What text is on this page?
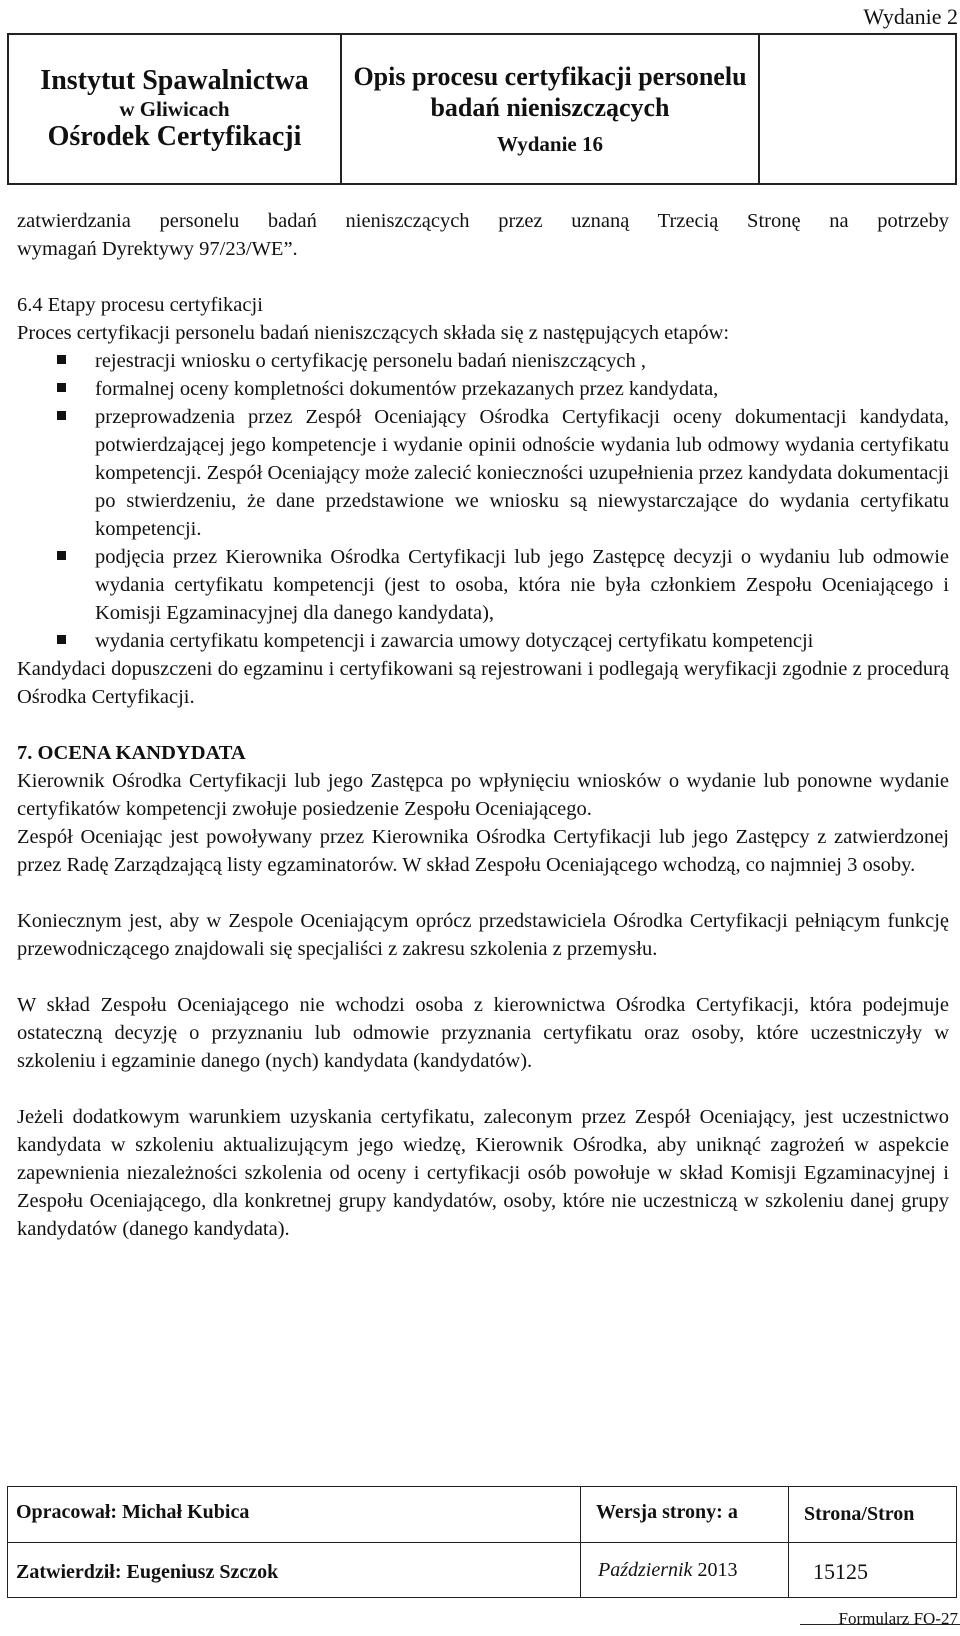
Wydanie 2
Instytut Spawalnictwa
w Gliwicach
Ośrodek Certyfikacji
Opis procesu certyfikacji personelu
badań nieniszczących
Wydanie 16

zatwierdzania personelu badań nieniszczących przez uznaną Trzecią Stronę na potrzeby

wymagań Dyrektywy 97/23/WE”.

6.4 Etapy procesu certyfikacji

Proces certyfikacji personelu badań nieniszczących składa się z następujących etapów:

rejestracji wniosku o certyfikację personelu badań nieniszczących ,
formalnej oceny kompletności dokumentów przekazanych przez kandydata,
przeprowadzenia przez Zespół Oceniający Ośrodka Certyfikacji oceny dokumentacji kandydata, potwierdzającej jego kompetencje i wydanie opinii odnoście wydania lub odmowy wydania certyfikatu kompetencji. Zespół Oceniający może zalecić konieczności uzupełnienia przez kandydata dokumentacji po stwierdzeniu, że dane przedstawione we wniosku są niewystarczające do wydania certyfikatu kompetencji.
podjęcia przez Kierownika Ośrodka Certyfikacji lub jego Zastępcę decyzji o wydaniu lub odmowie wydania certyfikatu kompetencji (jest to osoba, która nie była członkiem Zespołu Oceniającego i Komisji Egzaminacyjnej dla danego kandydata),
wydania certyfikatu kompetencji i zawarcia umowy dotyczącej certyfikatu kompetencji

Kandydaci dopuszczeni do egzaminu i certyfikowani są rejestrowani i podlegają weryfikacji zgodnie z procedurą Ośrodka Certyfikacji.

7. OCENA KANDYDATA

Kierownik Ośrodka Certyfikacji lub jego Zastępca po wpłynięciu wniosków o wydanie lub ponowne wydanie certyfikatów kompetencji zwołuje posiedzenie Zespołu Oceniającego.

Zespół Oceniając jest powoływany przez Kierownika Ośrodka Certyfikacji lub jego Zastępcy z zatwierdzonej przez Radę Zarządzającą listy egzaminatorów. W skład Zespołu Oceniającego wchodzą, co najmniej 3 osoby.

Koniecznym jest, aby w Zespole Oceniającym oprócz przedstawiciela Ośrodka Certyfikacji pełniącym funkcję przewodniczącego znajdowali się specjaliści z zakresu szkolenia z przemysłu.

W skład Zespołu Oceniającego nie wchodzi osoba z kierownictwa Ośrodka Certyfikacji, która podejmuje ostateczną decyzję o przyznaniu lub odmowie przyznania certyfikatu oraz osoby, które uczestniczyły w szkoleniu i egzaminie danego (nych) kandydata (kandydatów).

Jeżeli dodatkowym warunkiem uzyskania certyfikatu, zaleconym przez Zespół Oceniający, jest uczestnictwo kandydata w szkoleniu aktualizującym jego wiedzę, Kierownik Ośrodka, aby uniknąć zagrożeń w aspekcie zapewnienia niezależności szkolenia od oceny i certyfikacji osób powołuje w skład Komisji Egzaminacyjnej i Zespołu Oceniającego, dla konkretnej grupy kandydatów, osoby, które nie uczestniczą w szkoleniu danej grupy kandydatów (danego kandydata).

Opracował: Michał Kubica
Zatwierdził: Eugeniusz Szczok
Wersja strony: a
Październik 2013
Strona/Stron
15125
Formularz FO-27
